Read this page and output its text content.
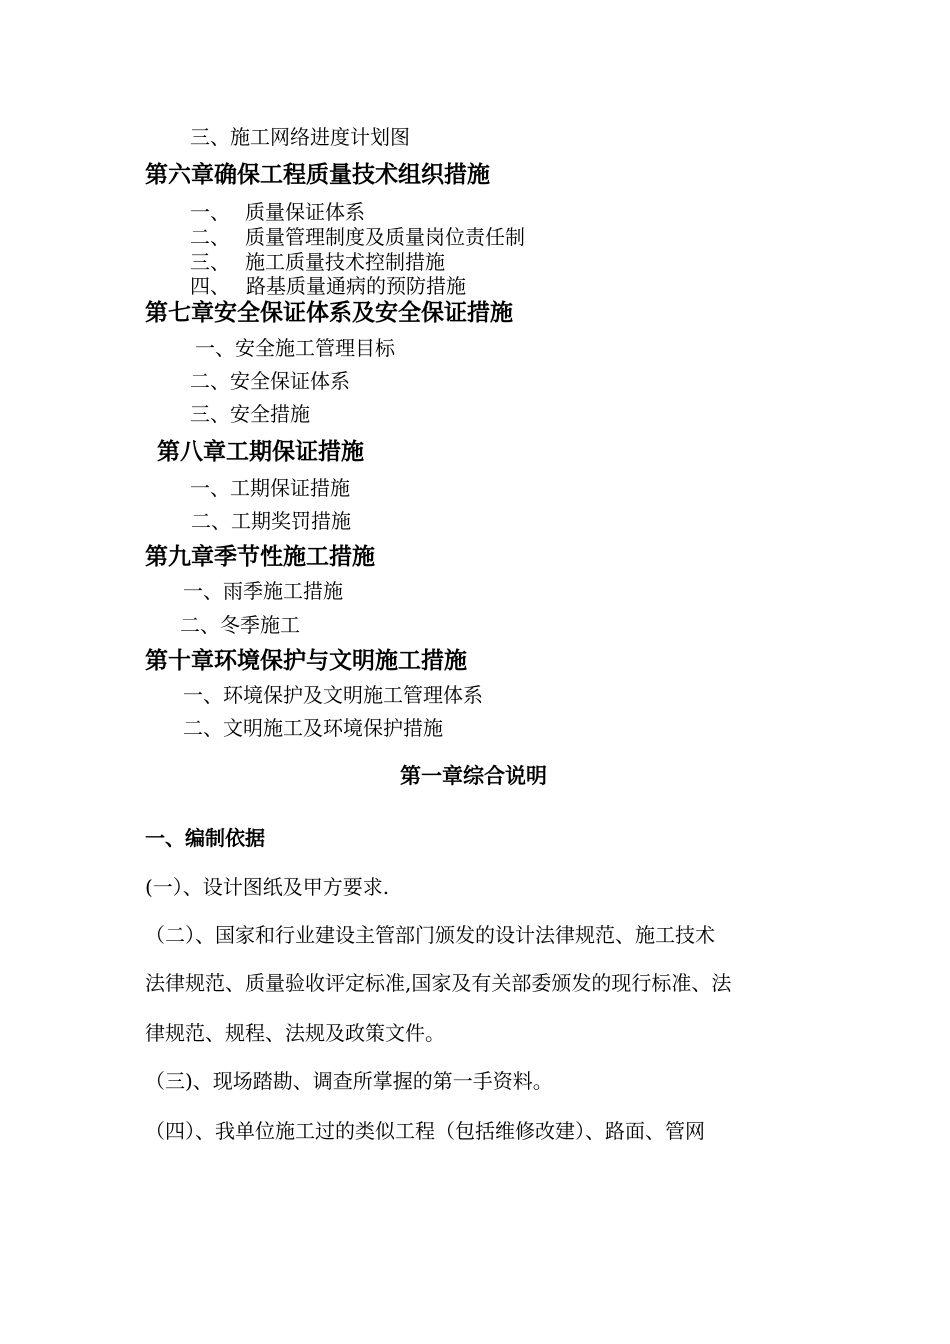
三、施工网络进度计划图
第六章确保工程质量技术组织措施
一、 质量保证体系
二、 质量管理制度及质量岗位责任制
三、 施工质量技术控制措施
四、 路基质量通病的预防措施
第七章安全保证体系及安全保证措施
一、安全施工管理目标
二、安全保证体系
三、安全措施
第八章工期保证措施
一、工期保证措施
二、工期奖罚措施
第九章季节性施工措施
一、雨季施工措施
二、冬季施工
第十章环境保护与文明施工措施
一、环境保护及文明施工管理体系
二、文明施工及环境保护措施
第一章综合说明
一、编制依据
(一）、设计图纸及甲方要求.
（二）、国家和行业建设主管部门颁发的设计法律规范、施工技术
法律规范、质量验收评定标准,国家及有关部委颁发的现行标准、法
律规范、规程、法规及政策文件。
（三)、现场踏勘、调查所掌握的第一手资料。
（四）、我单位施工过的类似工程（包括维修改建）、路面、管网
